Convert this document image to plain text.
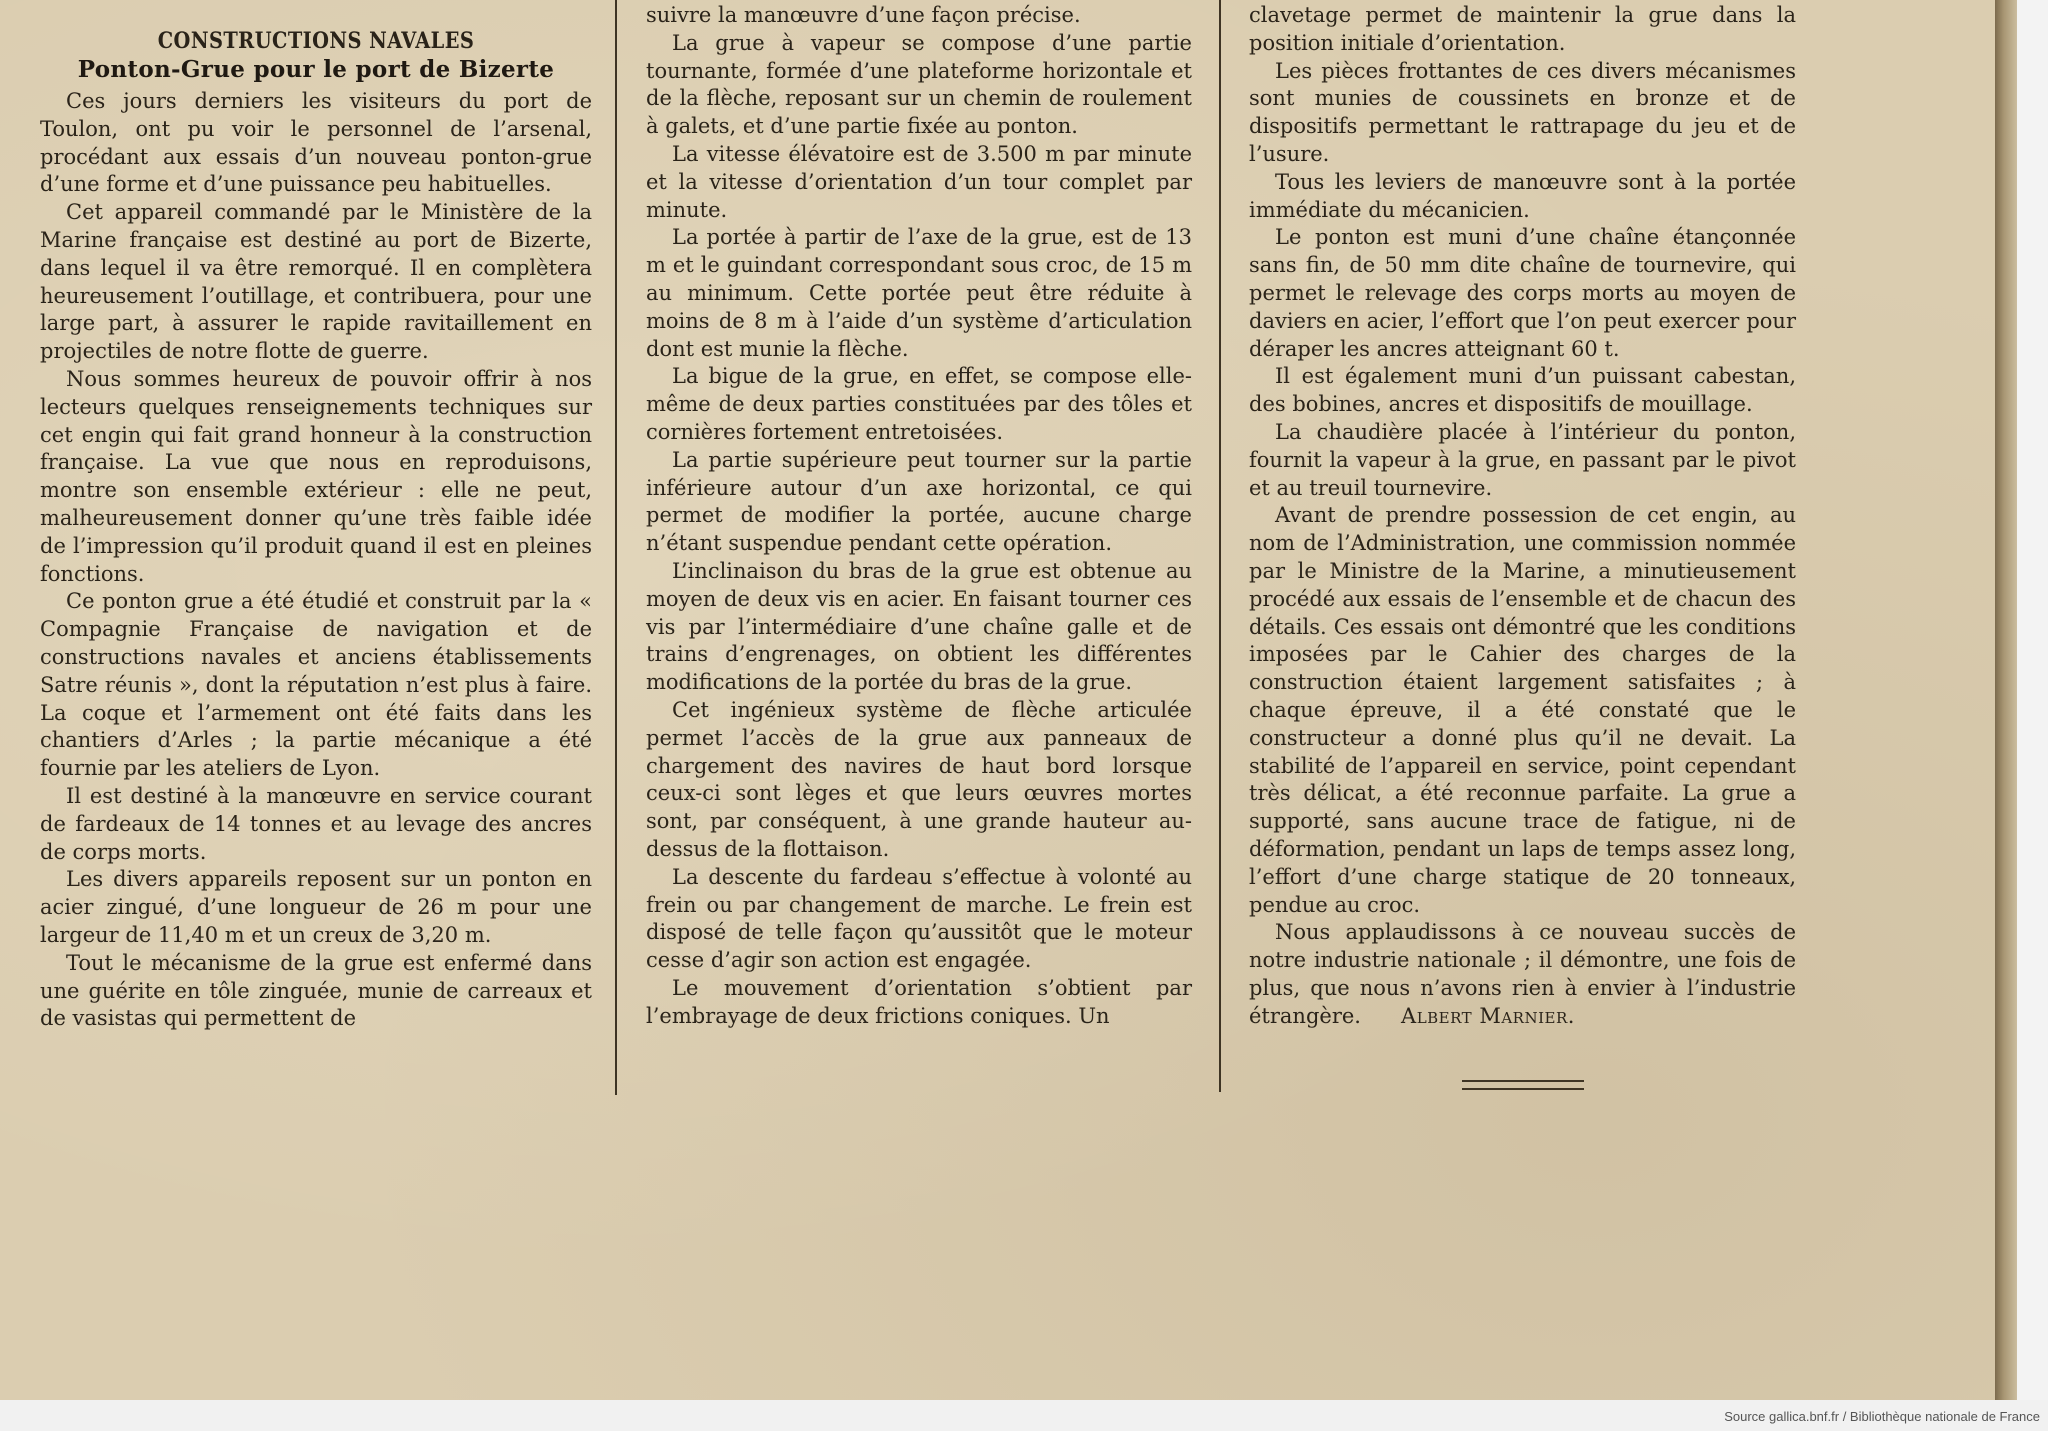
CONSTRUCTIONS NAVALES
Ponton-Grue pour le port de Bizerte

Ces jours derniers les visiteurs du port de Toulon, ont pu voir le personnel de l’arsenal, procédant aux essais d’un nouveau ponton-grue d’une forme et d’une puissance peu habituelles.

Cet appareil commandé par le Ministère de la Marine française est destiné au port de Bizerte, dans lequel il va être remorqué. Il en complètera heureusement l’outillage, et contribuera, pour une large part, à assurer le rapide ravitaillement en projectiles de notre flotte de guerre.

Nous sommes heureux de pouvoir offrir à nos lecteurs quelques renseignements techniques sur cet engin qui fait grand honneur à la construction française. La vue que nous en reproduisons, montre son ensemble extérieur : elle ne peut, malheureusement donner qu’une très faible idée de l’impression qu’il produit quand il est en pleines fonctions.

Ce ponton grue a été étudié et construit par la « Compagnie Française de navigation et de constructions navales et anciens établissements Satre réunis », dont la réputation n’est plus à faire. La coque et l’armement ont été faits dans les chantiers d’Arles ; la partie mécanique a été fournie par les ateliers de Lyon.

Il est destiné à la manœuvre en service courant de fardeaux de 14 tonnes et au levage des ancres de corps morts.

Les divers appareils reposent sur un ponton en acier zingué, d’une longueur de 26 m pour une largeur de 11,40 m et un creux de 3,20 m.

Tout le mécanisme de la grue est enfermé dans une guérite en tôle zinguée, munie de carreaux et de vasistas qui permettent de

suivre la manœuvre d’une façon précise.

La grue à vapeur se compose d’une partie tournante, formée d’une plateforme horizontale et de la flèche, reposant sur un chemin de roulement à galets, et d’une partie fixée au ponton.

La vitesse élévatoire est de 3.500 m par minute et la vitesse d’orientation d’un tour complet par minute.

La portée à partir de l’axe de la grue, est de 13 m et le guindant correspondant sous croc, de 15 m au minimum. Cette portée peut être réduite à moins de 8 m à l’aide d’un système d’articulation dont est munie la flèche.

La bigue de la grue, en effet, se compose elle-même de deux parties constituées par des tôles et cornières fortement entretoisées.

La partie supérieure peut tourner sur la partie inférieure autour d’un axe horizontal, ce qui permet de modifier la portée, aucune charge n’étant suspendue pendant cette opération.

L’inclinaison du bras de la grue est obtenue au moyen de deux vis en acier. En faisant tourner ces vis par l’intermédiaire d’une chaîne galle et de trains d’engrenages, on obtient les différentes modifications de la portée du bras de la grue.

Cet ingénieux système de flèche articulée permet l’accès de la grue aux panneaux de chargement des navires de haut bord lorsque ceux-ci sont lèges et que leurs œuvres mortes sont, par conséquent, à une grande hauteur au-dessus de la flottaison.

La descente du fardeau s’effectue à volonté au frein ou par changement de marche. Le frein est disposé de telle façon qu’aussitôt que le moteur cesse d’agir son action est engagée.

Le mouvement d’orientation s’obtient par l’embrayage de deux frictions coniques. Un

clavetage permet de maintenir la grue dans la position initiale d’orientation.

Les pièces frottantes de ces divers mécanismes sont munies de coussinets en bronze et de dispositifs permettant le rattrapage du jeu et de l’usure.

Tous les leviers de manœuvre sont à la portée immédiate du mécanicien.

Le ponton est muni d’une chaîne étançonnée sans fin, de 50 mm dite chaîne de tournevire, qui permet le relevage des corps morts au moyen de daviers en acier, l’effort que l’on peut exercer pour déraper les ancres atteignant 60 t.

Il est également muni d’un puissant cabestan, des bobines, ancres et dispositifs de mouillage.

La chaudière placée à l’intérieur du ponton, fournit la vapeur à la grue, en passant par le pivot et au treuil tournevire.

Avant de prendre possession de cet engin, au nom de l’Administration, une commission nommée par le Ministre de la Marine, a minutieusement procédé aux essais de l’ensemble et de chacun des détails. Ces essais ont démontré que les conditions imposées par le Cahier des charges de la construction étaient largement satisfaites ; à chaque épreuve, il a été constaté que le constructeur a donné plus qu’il ne devait. La stabilité de l’appareil en service, point cependant très délicat, a été reconnue parfaite. La grue a supporté, sans aucune trace de fatigue, ni de déformation, pendant un laps de temps assez long, l’effort d’une charge statique de 20 tonneaux, pendue au croc.

Nous applaudissons à ce nouveau succès de notre industrie nationale ; il démontre, une fois de plus, que nous n’avons rien à envier à l’industrie étrangère. Albert Marnier.

Source gallica.bnf.fr / Bibliothèque nationale de France
